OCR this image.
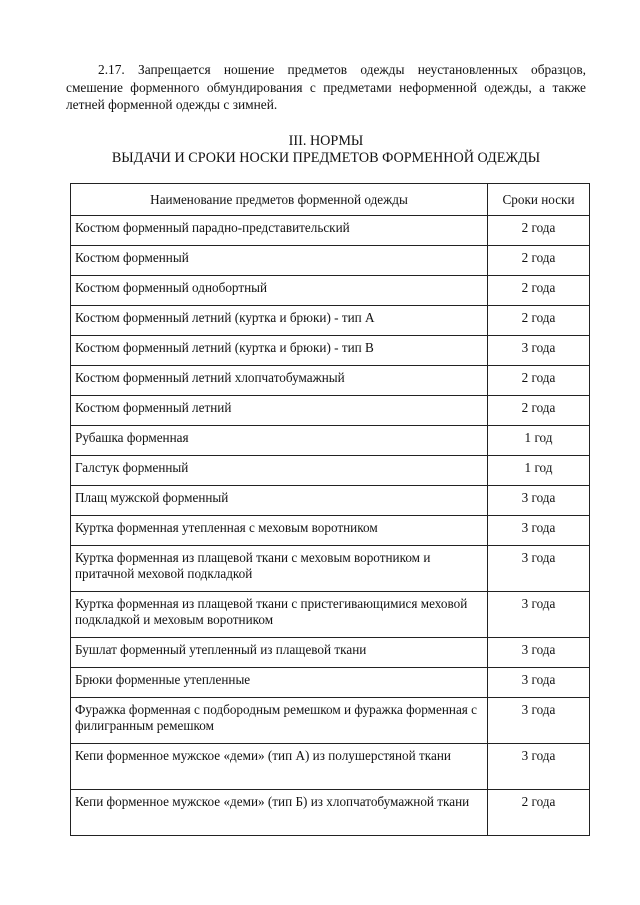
2.17. Запрещается ношение предметов одежды неустановленных образцов, смешение форменного обмундирования с предметами неформенной одежды, а также летней форменной одежды с зимней.
III. НОРМЫ
ВЫДАЧИ И СРОКИ НОСКИ ПРЕДМЕТОВ ФОРМЕННОЙ ОДЕЖДЫ
Наименование предметов форменной одежды	Сроки носки
Костюм форменный парадно-представительский	2 года
Костюм форменный	2 года
Костюм форменный однобортный	2 года
Костюм форменный летний (куртка и брюки) - тип А	2 года
Костюм форменный летний (куртка и брюки) - тип В	3 года
Костюм форменный летний хлопчатобумажный	2 года
Костюм форменный летний	2 года
Рубашка форменная	1 год
Галстук форменный	1 год
Плащ мужской форменный	3 года
Куртка форменная утепленная с меховым воротником	3 года
Куртка форменная из плащевой ткани с меховым воротником и притачной меховой подкладкой	3 года
Куртка форменная из плащевой ткани с пристегивающимися меховой подкладкой и меховым воротником	3 года
Бушлат форменный утепленный из плащевой ткани	3 года
Брюки форменные утепленные	3 года
Фуражка форменная с подбородным ремешком и фуражка форменная с филигранным ремешком	3 года
Кепи форменное мужское «деми» (тип А) из полушерстяной ткани	3 года
Кепи форменное мужское «деми» (тип Б) из хлопчатобумажной ткани	2 года
